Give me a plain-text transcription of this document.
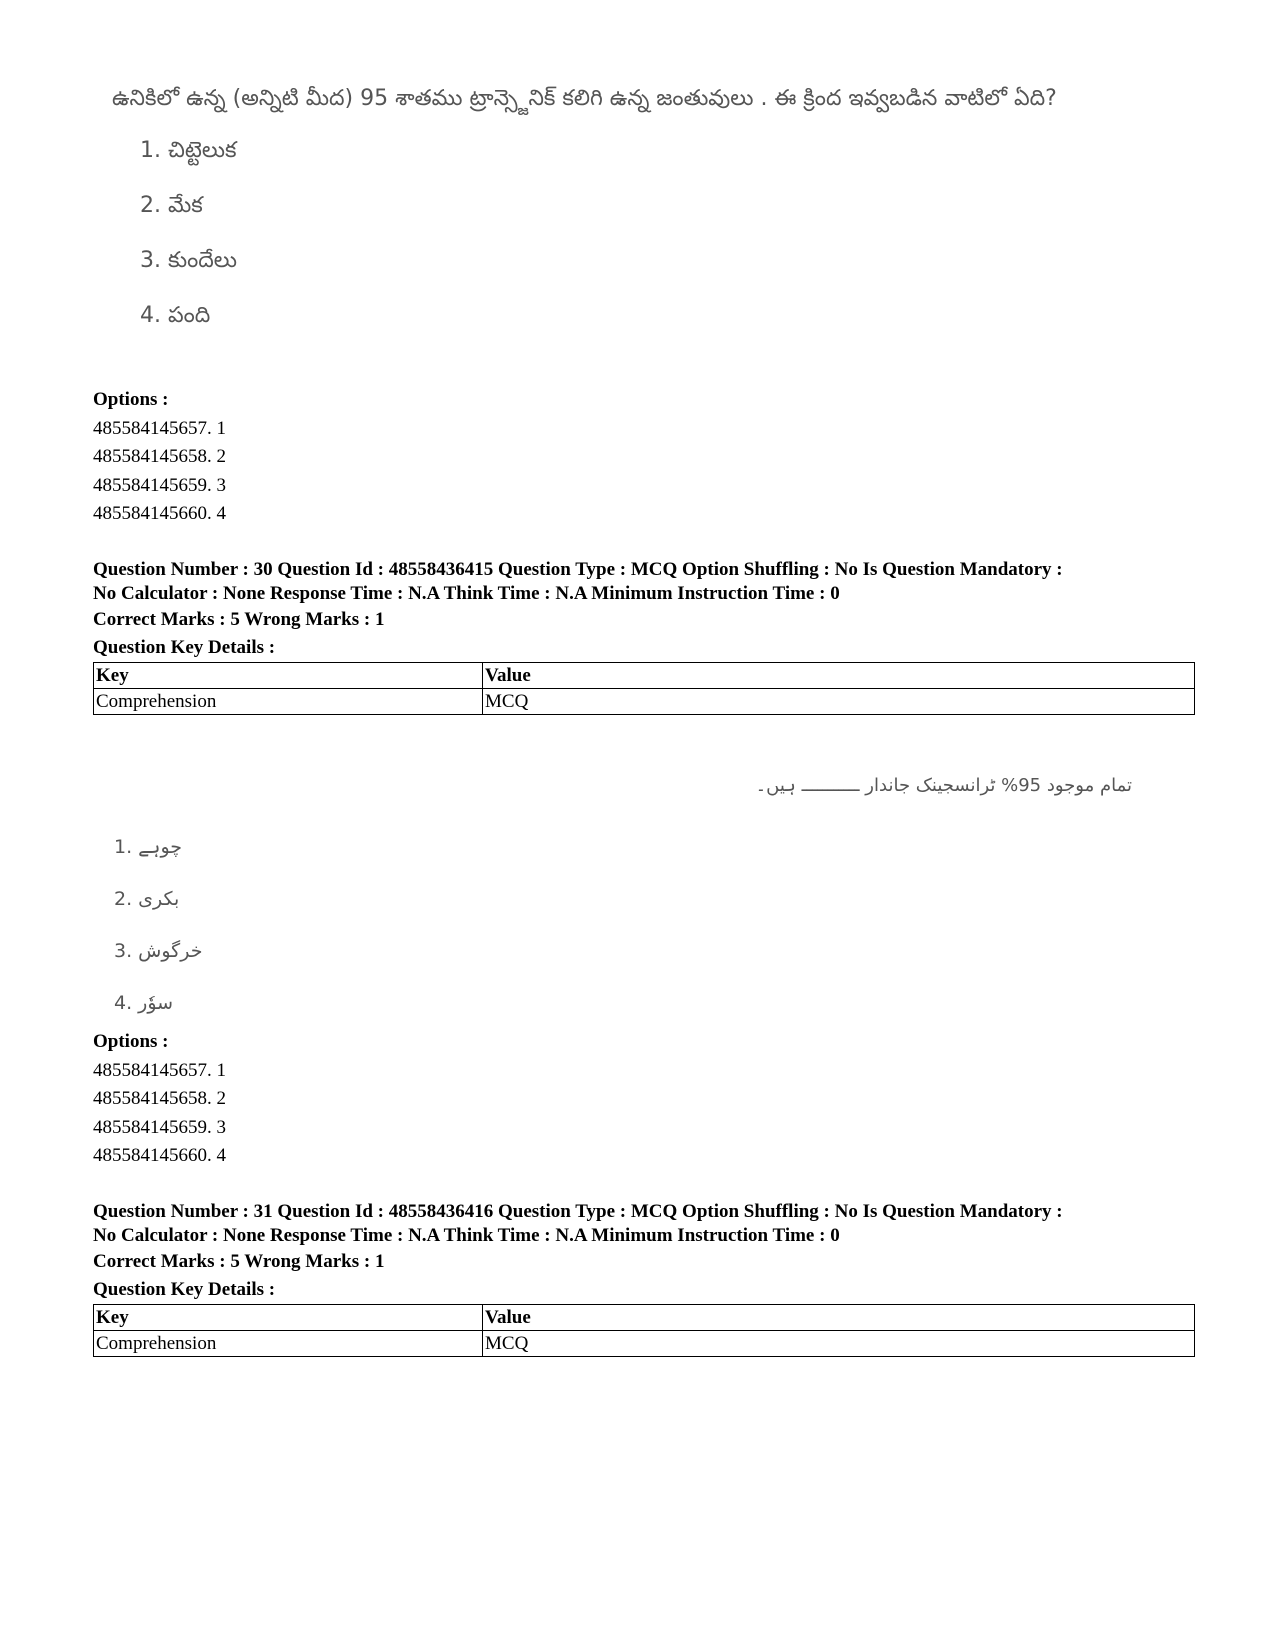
ఉనికిలో ఉన్న (అన్నిటి మీద) 95 శాతము ట్రాన్స్జెనిక్ కలిగి ఉన్న జంతువులు . ఈ క్రింద ఇవ్వబడిన వాటిలో ఏది?
1. చిట్టెలుక
2. మేక
3. కుందేలు
4. పంది
Options :
485584145657. 1
485584145658. 2
485584145659. 3
485584145660. 4
Question Number : 30 Question Id : 48558436415 Question Type : MCQ Option Shuffling : No Is Question Mandatory :
No Calculator : None Response Time : N.A Think Time : N.A Minimum Instruction Time : 0
Correct Marks : 5 Wrong Marks : 1
Question Key Details :
Key	Value
Comprehension	MCQ
تمام موجود 95% ٹرانسجینک جاندار ـــــــــــ ہیں۔
1. چوہے
2. بکری
3. خرگوش
4. سوٗر
Options :
485584145657. 1
485584145658. 2
485584145659. 3
485584145660. 4
Question Number : 31 Question Id : 48558436416 Question Type : MCQ Option Shuffling : No Is Question Mandatory :
No Calculator : None Response Time : N.A Think Time : N.A Minimum Instruction Time : 0
Correct Marks : 5 Wrong Marks : 1
Question Key Details :
Key	Value
Comprehension	MCQ
